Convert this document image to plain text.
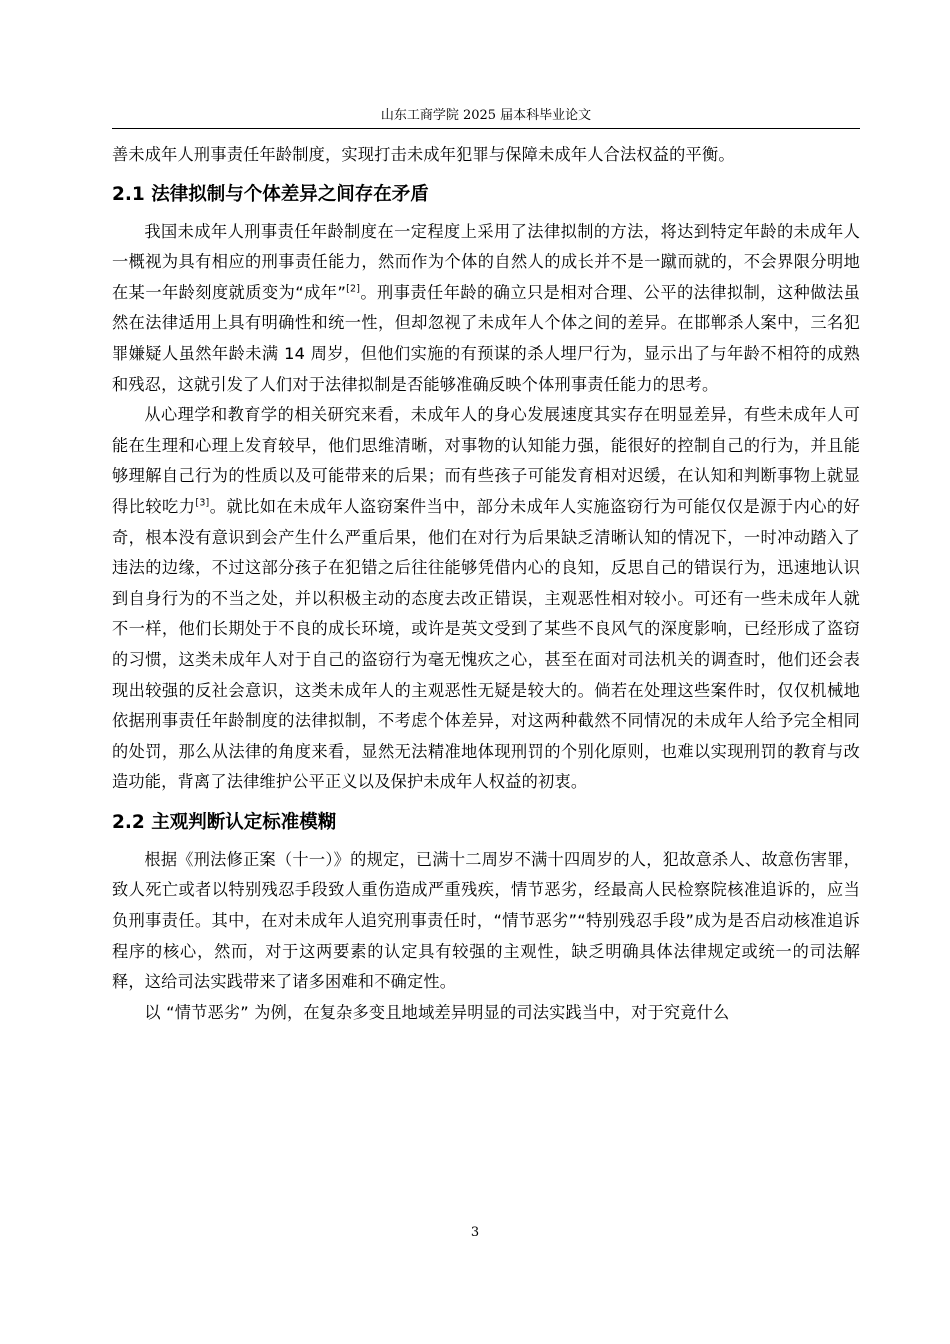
山东工商学院 2025 届本科毕业论文

善未成年人刑事责任年龄制度，实现打击未成年犯罪与保障未成年人合法权益的平衡。

2.1 法律拟制与个体差异之间存在矛盾

我国未成年人刑事责任年龄制度在一定程度上采用了法律拟制的方法，将达到特定年龄的未成年人一概视为具有相应的刑事责任能力，然而作为个体的自然人的成长并不是一蹴而就的，不会界限分明地在某一年龄刻度就质变为“成年”[2]。刑事责任年龄的确立只是相对合理、公平的法律拟制，这种做法虽然在法律适用上具有明确性和统一性，但却忽视了未成年人个体之间的差异。在邯郸杀人案中，三名犯罪嫌疑人虽然年龄未满 14 周岁，但他们实施的有预谋的杀人埋尸行为，显示出了与年龄不相符的成熟和残忍，这就引发了人们对于法律拟制是否能够准确反映个体刑事责任能力的思考。

从心理学和教育学的相关研究来看，未成年人的身心发展速度其实存在明显差异，有些未成年人可能在生理和心理上发育较早，他们思维清晰，对事物的认知能力强，能很好的控制自己的行为，并且能够理解自己行为的性质以及可能带来的后果；而有些孩子可能发育相对迟缓，在认知和判断事物上就显得比较吃力[3]。就比如在未成年人盗窃案件当中，部分未成年人实施盗窃行为可能仅仅是源于内心的好奇，根本没有意识到会产生什么严重后果，他们在对行为后果缺乏清晰认知的情况下，一时冲动踏入了违法的边缘，不过这部分孩子在犯错之后往往能够凭借内心的良知，反思自己的错误行为，迅速地认识到自身行为的不当之处，并以积极主动的态度去改正错误，主观恶性相对较小。可还有一些未成年人就不一样，他们长期处于不良的成长环境，或许是英文受到了某些不良风气的深度影响，已经形成了盗窃的习惯，这类未成年人对于自己的盗窃行为毫无愧疚之心，甚至在面对司法机关的调查时，他们还会表现出较强的反社会意识，这类未成年人的主观恶性无疑是较大的。倘若在处理这些案件时，仅仅机械地依据刑事责任年龄制度的法律拟制，不考虑个体差异，对这两种截然不同情况的未成年人给予完全相同的处罚，那么从法律的角度来看，显然无法精准地体现刑罚的个别化原则，也难以实现刑罚的教育与改造功能，背离了法律维护公平正义以及保护未成年人权益的初衷。

2.2 主观判断认定标准模糊

根据《刑法修正案（十一）》的规定，已满十二周岁不满十四周岁的人，犯故意杀人、故意伤害罪，致人死亡或者以特别残忍手段致人重伤造成严重残疾，情节恶劣，经最高人民检察院核准追诉的，应当负刑事责任。其中，在对未成年人追究刑事责任时，“情节恶劣”“特别残忍手段”成为是否启动核准追诉程序的核心，然而，对于这两要素的认定具有较强的主观性，缺乏明确具体法律规定或统一的司法解释，这给司法实践带来了诸多困难和不确定性。

以 “情节恶劣” 为例，在复杂多变且地域差异明显的司法实践当中，对于究竟什么

3
